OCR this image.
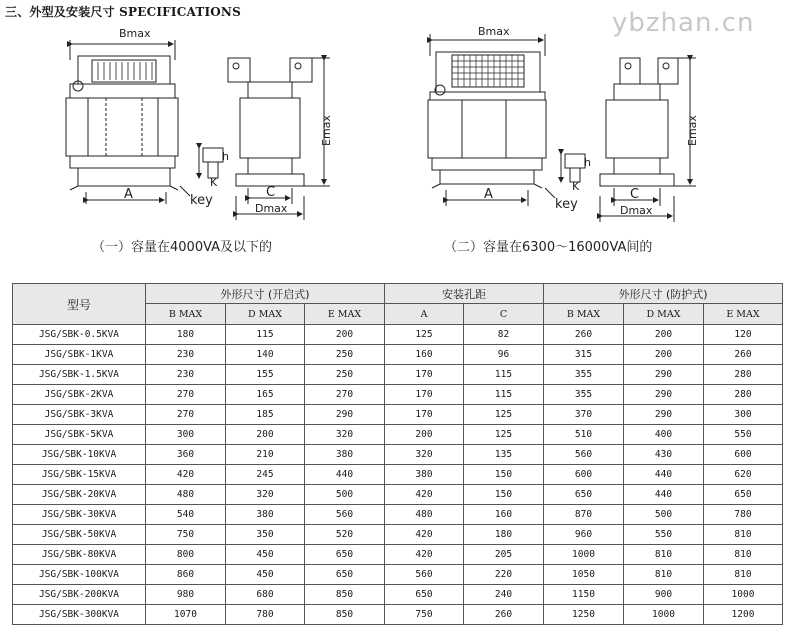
三、外型及安装尺寸 SPECIFICATIONS	ybzhan.cn
Bmax
A
h
K
key
Emax
C
Dmax
Bmax
A
h
K
key
Emax
C
Dmax
（一）容量在4000VA及以下的	（二）容量在6300～16000VA间的
型号	外形尺寸 (开启式)			安装孔距		外形尺寸 (防护式)		
	B MAX	D MAX	E MAX	A	C	B MAX	D MAX	E MAX
JSG/SBK-0.5KVA	180	115	200	125	82	260	200	120
JSG/SBK-1KVA	230	140	250	160	96	315	200	260
JSG/SBK-1.5KVA	230	155	250	170	115	355	290	280
JSG/SBK-2KVA	270	165	270	170	115	355	290	280
JSG/SBK-3KVA	270	185	290	170	125	370	290	300
JSG/SBK-5KVA	300	200	320	200	125	510	400	550
JSG/SBK-10KVA	360	210	380	320	135	560	430	600
JSG/SBK-15KVA	420	245	440	380	150	600	440	620
JSG/SBK-20KVA	480	320	500	420	150	650	440	650
JSG/SBK-30KVA	540	380	560	480	160	870	500	780
JSG/SBK-50KVA	750	350	520	420	180	960	550	810
JSG/SBK-80KVA	800	450	650	420	205	1000	810	810
JSG/SBK-100KVA	860	450	650	560	220	1050	810	810
JSG/SBK-200KVA	980	680	850	650	240	1150	900	1000
JSG/SBK-300KVA	1070	780	850	750	260	1250	1000	1200
